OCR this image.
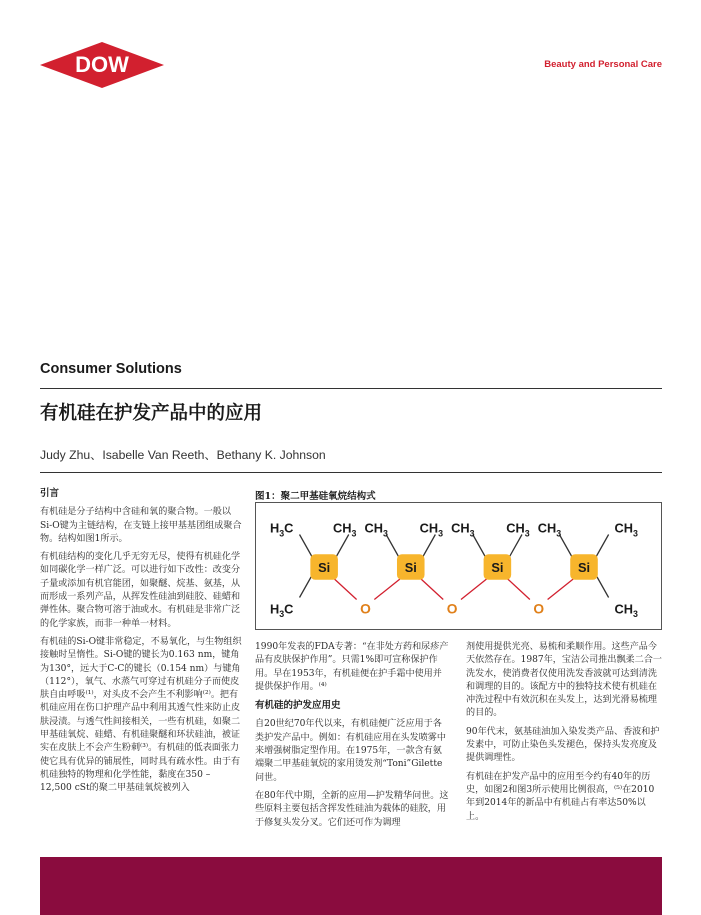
DOW	Beauty and Personal Care
Consumer Solutions
有机硅在护发产品中的应用
Judy Zhu、Isabelle Van Reeth、Bethany K. Johnson
引言

有机硅是分子结构中含硅和氧的聚合物。一般以Si-O键为主链结构，在支链上接甲基基团组成聚合物。结构如图1所示。

有机硅结构的变化几乎无穷无尽，使得有机硅化学如同碳化学一样广泛。可以进行如下改性：改变分子量或添加有机官能团，如聚醚、烷基、氨基，从而形成一系列产品，从挥发性硅油到硅胶、硅蜡和弹性体。聚合物可溶于油或水。有机硅是非常广泛的化学家族，而非一种单一材料。

有机硅的Si-O键非常稳定，不易氧化，与生物组织接触时呈惰性。Si-O键的键长为0.163 nm，键角为130°，远大于C-C的键长（0.154 nm）与键角（112°），氧气、水蒸气可穿过有机硅分子而使皮肤自由呼吸⁽¹⁾，对头皮不会产生不利影响⁽²⁾。把有机硅应用在伤口护理产品中利用其透气性来防止皮肤浸渍。与透气性间接相关，一些有机硅，如聚二甲基硅氧烷、硅蜡、有机硅聚醚和环状硅油，被证实在皮肤上不会产生粉刺⁽³⁾。有机硅的低表面张力使它具有优异的铺展性，同时具有疏水性。由于有机硅独特的物理和化学性能，黏度在350 – 12,500 cSt的聚二甲基硅氧烷被列入

图1：聚二甲基硅氧烷结构式
Si	Si	Si	Si
O	O	O
$H_3C$	$CH_3$ $CH_3$ $CH_3$ $CH_3$ $CH_3$ $CH_3$	$CH_3$
$H_3C$	$CH_3$

1990年发表的FDA专著：“在非处方药和尿疹产品有皮肤保护作用”。只需1%即可宣称保护作用。早在1953年，有机硅便在护手霜中使用并提供保护作用。⁽⁴⁾

有机硅的护发应用史

自20世纪70年代以来，有机硅便广泛应用于各类护发产品中。例如：有机硅应用在头发喷雾中来增强树脂定型作用。在1975年，一款含有氨端聚二甲基硅氧烷的家用烫发剂“Toni”Gilette问世。

在80年代中期，全新的应用—护发精华问世。这些原料主要包括含挥发性硅油为载体的硅胶，用于修复头发分叉。它们还可作为调理

剂使用提供光亮、易梳和柔顺作用。这些产品今天依然存在。1987年，宝洁公司推出飘柔二合一洗发水，使消费者仅使用洗发香波就可达到清洗和调理的目的。该配方中的独特技术使有机硅在冲洗过程中有效沉积在头发上，达到光滑易梳理的目的。

90年代末，氨基硅油加入染发类产品、香波和护发素中，可防止染色头发褪色，保持头发亮度及提供调理性。

有机硅在护发产品中的应用至今约有40年的历史，如图2和图3所示使用比例很高，⁽⁵⁾在2010年到2014年的新品中有机硅占有率达50%以上。
